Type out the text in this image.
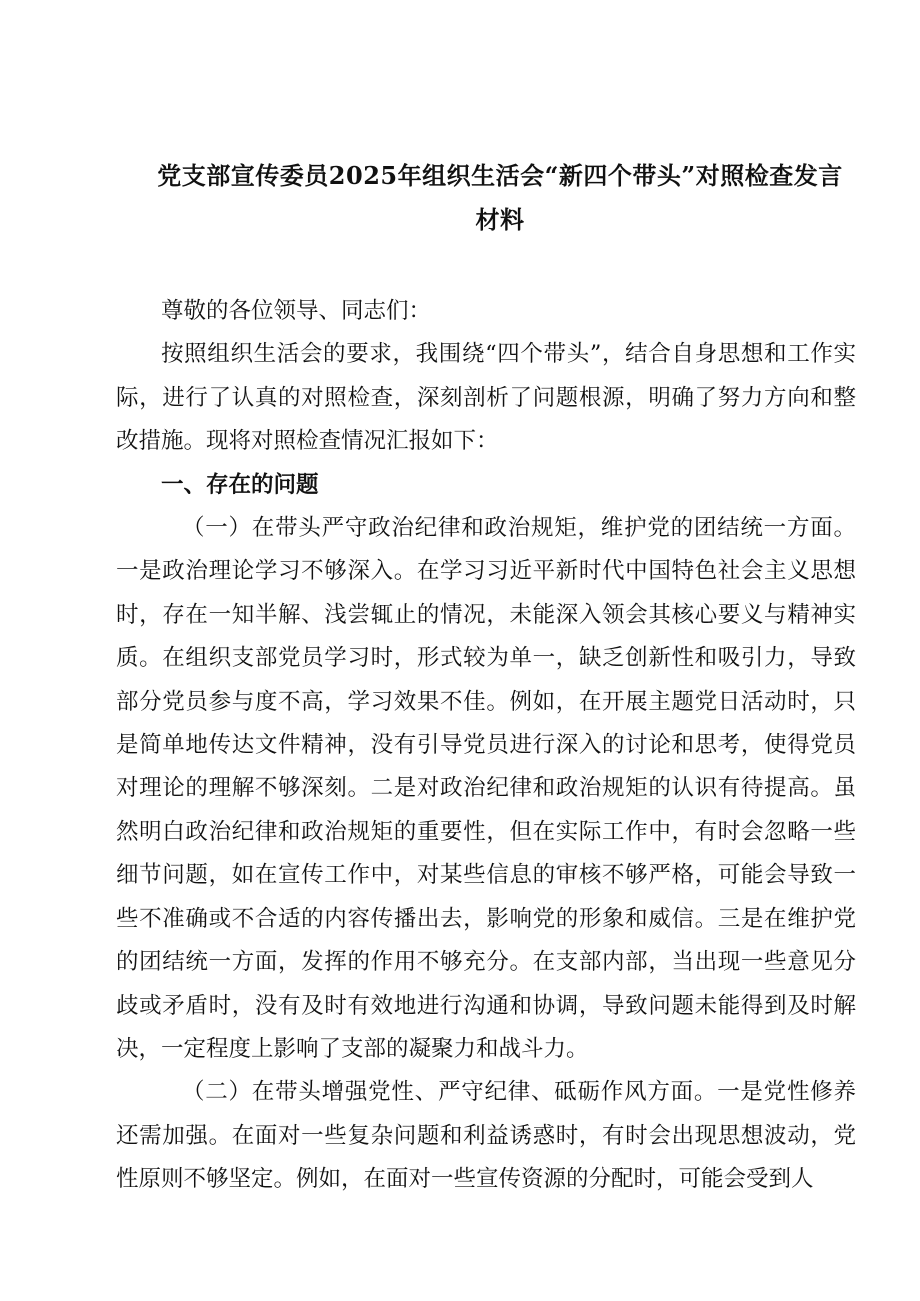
党支部宣传委员2025年组织生活会“新四个带头”对照检查发言材料

尊敬的各位领导、同志们：

按照组织生活会的要求，我围绕“四个带头”，结合自身思想和工作实际，进行了认真的对照检查，深刻剖析了问题根源，明确了努力方向和整改措施。现将对照检查情况汇报如下：

一、存在的问题

（一）在带头严守政治纪律和政治规矩，维护党的团结统一方面。一是政治理论学习不够深入。在学习习近平新时代中国特色社会主义思想时，存在一知半解、浅尝辄止的情况，未能深入领会其核心要义与精神实质。在组织支部党员学习时，形式较为单一，缺乏创新性和吸引力，导致部分党员参与度不高，学习效果不佳。例如，在开展主题党日活动时，只是简单地传达文件精神，没有引导党员进行深入的讨论和思考，使得党员对理论的理解不够深刻。二是对政治纪律和政治规矩的认识有待提高。虽然明白政治纪律和政治规矩的重要性，但在实际工作中，有时会忽略一些细节问题，如在宣传工作中，对某些信息的审核不够严格，可能会导致一些不准确或不合适的内容传播出去，影响党的形象和威信。三是在维护党的团结统一方面，发挥的作用不够充分。在支部内部，当出现一些意见分歧或矛盾时，没有及时有效地进行沟通和协调，导致问题未能得到及时解决，一定程度上影响了支部的凝聚力和战斗力。

（二）在带头增强党性、严守纪律、砥砺作风方面。一是党性修养还需加强。在面对一些复杂问题和利益诱惑时，有时会出现思想波动，党性原则不够坚定。例如，在面对一些宣传资源的分配时，可能会受到人
